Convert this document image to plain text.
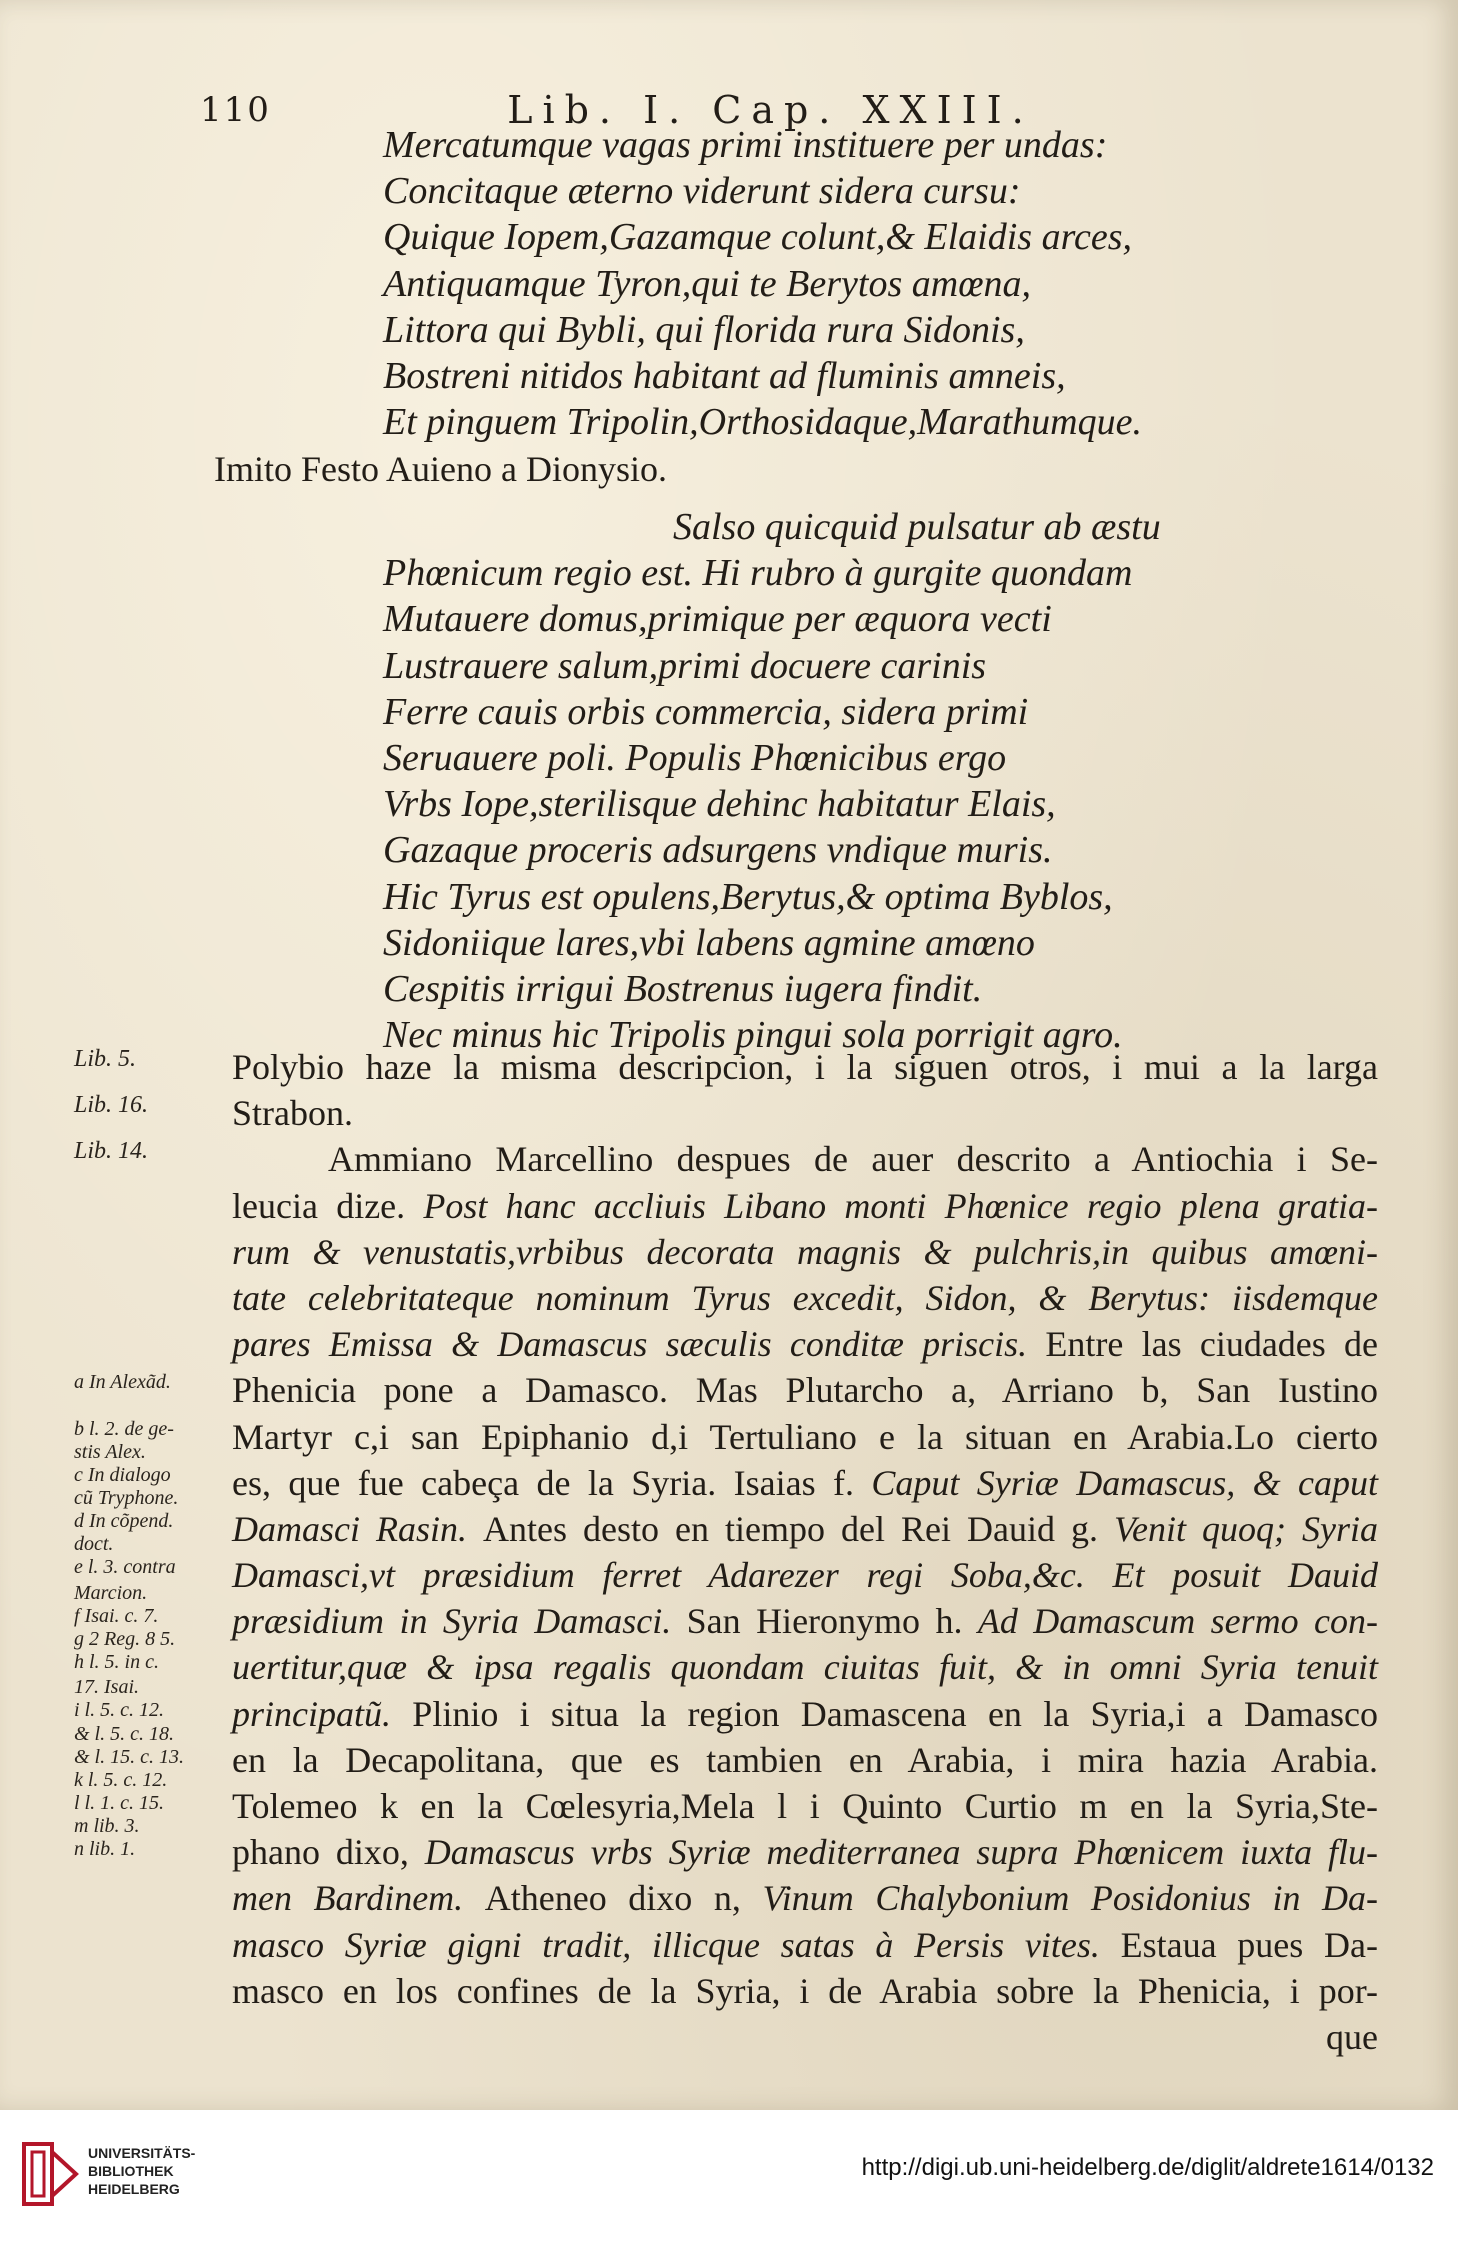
110	Lib. I. Cap. XXIII.
Mercatumque vagas primi instituere per undas:
Concitaque æterno viderunt sidera cursu:
Quique Iopem,Gazamque colunt,& Elaidis arces,
Antiquamque Tyron,qui te Berytos amœna,
Littora qui Bybli, qui florida rura Sidonis,
Bostreni nitidos habitant ad fluminis amneis,
Et pinguem Tripolin,Orthosidaque,Marathumque.
Imito Festo Auieno a Dionysio.
Salso quicquid pulsatur ab æstu
Phœnicum regio est. Hi rubro à gurgite quondam
Mutauere domus,primique per æquora vecti
Lustrauere salum,primi docuere carinis
Ferre cauis orbis commercia, sidera primi
Seruauere poli. Populis Phœnicibus ergo
Vrbs Iope,sterilisque dehinc habitatur Elais,
Gazaque proceris adsurgens vndique muris.
Hic Tyrus est opulens,Berytus,& optima Byblos,
Sidoniique lares,vbi labens agmine amœno
Cespitis irrigui Bostrenus iugera findit.
Nec minus hic Tripolis pingui sola porrigit agro.
Lib. 5.
Lib. 16.
Lib. 14.
a In Alexãd.
b l. 2. de ge-
stis Alex.
c In dialogo
cũ Tryphone.
d In cõpend.
doct.
e l. 3. contra
Marcion.
f Isai. c. 7.
g 2 Reg. 8 5.
h l. 5. in c.
17. Isai.
i l. 5. c. 12.
& l. 5. c. 18.
& l. 15. c. 13.
k l. 5. c. 12.
l l. 1. c. 15.
m lib. 3.
n lib. 1.
Polybio haze la misma descripcion, i la siguen otros, i mui a la larga
Strabon.
Ammiano Marcellino despues de auer descrito a Antiochia i Se-
leucia dize. Post hanc accliuis Libano monti Phœnice regio plena gratia-
rum & venustatis,vrbibus decorata magnis & pulchris,in quibus amœni-
tate celebritateque nominum Tyrus excedit, Sidon, & Berytus: iisdemque
pares Emissa & Damascus sæculis conditæ priscis. Entre las ciudades de
Phenicia pone a Damasco. Mas Plutarcho a, Arriano b, San Iustino
Martyr c,i san Epiphanio d,i Tertuliano e la situan en Arabia.Lo cierto
es, que fue cabeça de la Syria. Isaias f. Caput Syriæ Damascus, & caput
Damasci Rasin. Antes desto en tiempo del Rei Dauid g. Venit quoq; Syria
Damasci,vt præsidium ferret Adarezer regi Soba,&c. Et posuit Dauid
præsidium in Syria Damasci. San Hieronymo h. Ad Damascum sermo con-
uertitur,quæ & ipsa regalis quondam ciuitas fuit, & in omni Syria tenuit
principatũ. Plinio i situa la region Damascena en la Syria,i a Damasco
en la Decapolitana, que es tambien en Arabia, i mira hazia Arabia.
Tolemeo k en la Cœlesyria,Mela l i Quinto Curtio m en la Syria,Ste-
phano dixo, Damascus vrbs Syriæ mediterranea supra Phœnicem iuxta flu-
men Bardinem. Atheneo dixo n, Vinum Chalybonium Posidonius in Da-
masco Syriæ gigni tradit, illicque satas à Persis vites. Estaua pues Da-
masco en los confines de la Syria, i de Arabia sobre la Phenicia, i por-
que
UNIVERSITÄTS-
BIBLIOTHEK
HEIDELBERG
http://digi.ub.uni-heidelberg.de/diglit/aldrete1614/0132
